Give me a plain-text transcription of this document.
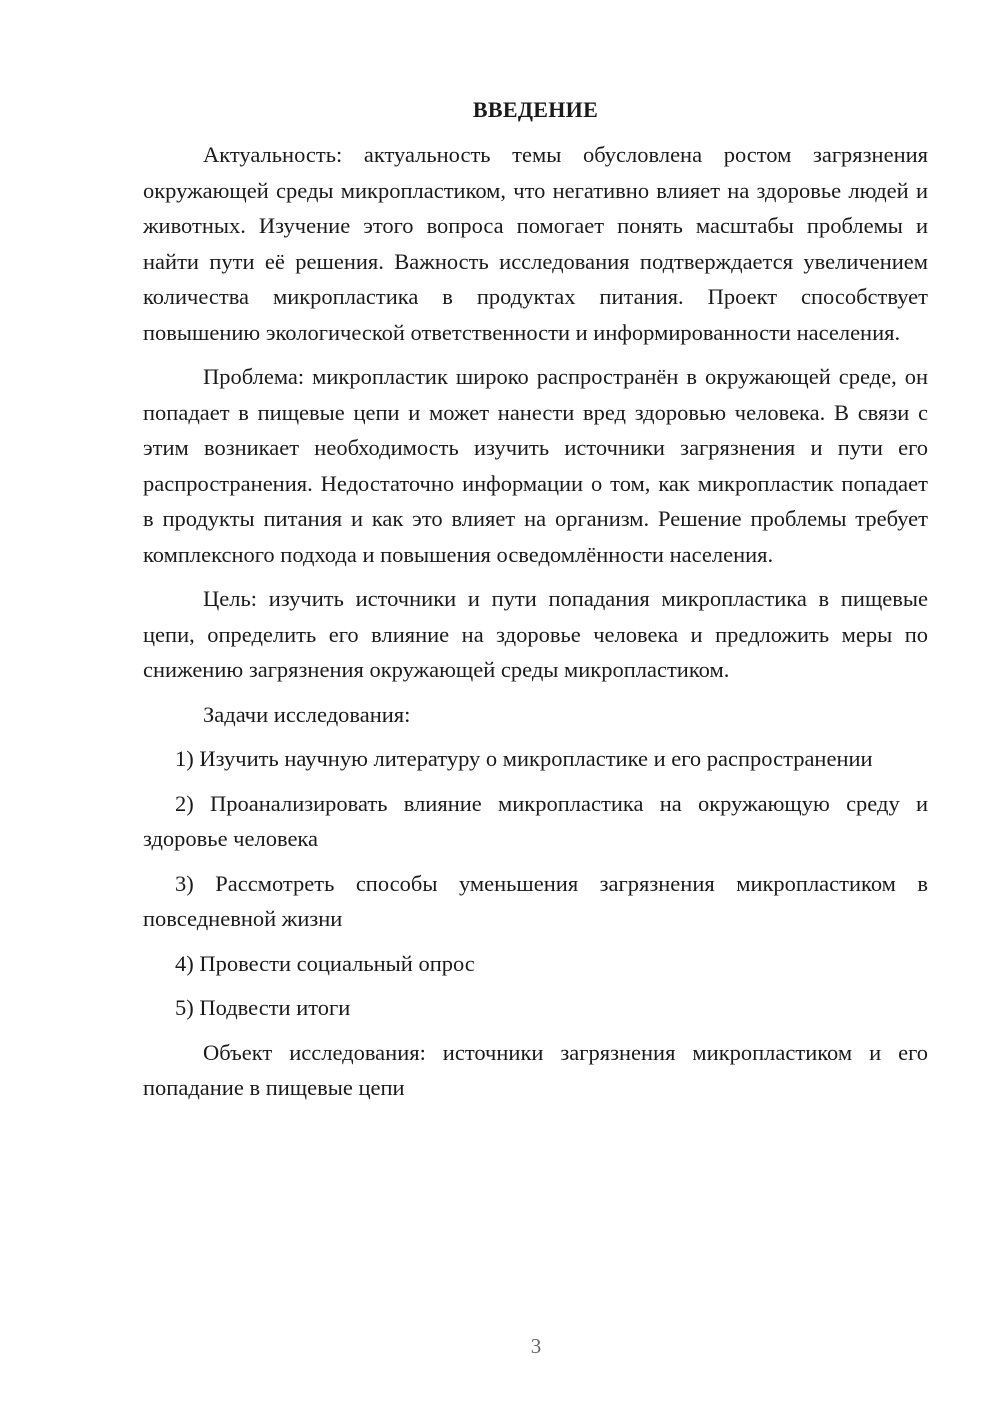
ВВЕДЕНИЕ

Актуальность: актуальность темы обусловлена ростом загрязнения окружающей среды микропластиком, что негативно влияет на здоровье людей и животных. Изучение этого вопроса помогает понять масштабы проблемы и найти пути её решения. Важность исследования подтверждается увеличением количества микропластика в продуктах питания. Проект способствует повышению экологической ответственности и информированности населения.

Проблема: микропластик широко распространён в окружающей среде, он попадает в пищевые цепи и может нанести вред здоровью человека. В связи с этим возникает необходимость изучить источники загрязнения и пути его распространения. Недостаточно информации о том, как микропластик попадает в продукты питания и как это влияет на организм. Решение проблемы требует комплексного подхода и повышения осведомлённости населения.

Цель: изучить источники и пути попадания микропластика в пищевые цепи, определить его влияние на здоровье человека и предложить меры по снижению загрязнения окружающей среды микропластиком.

Задачи исследования:

1) Изучить научную литературу о микропластике и его распространении

2) Проанализировать влияние микропластика на окружающую среду и здоровье человека

3) Рассмотреть способы уменьшения загрязнения микропластиком в повседневной жизни

4) Провести социальный опрос

5) Подвести итоги

Объект исследования: источники загрязнения микропластиком и его попадание в пищевые цепи

3
